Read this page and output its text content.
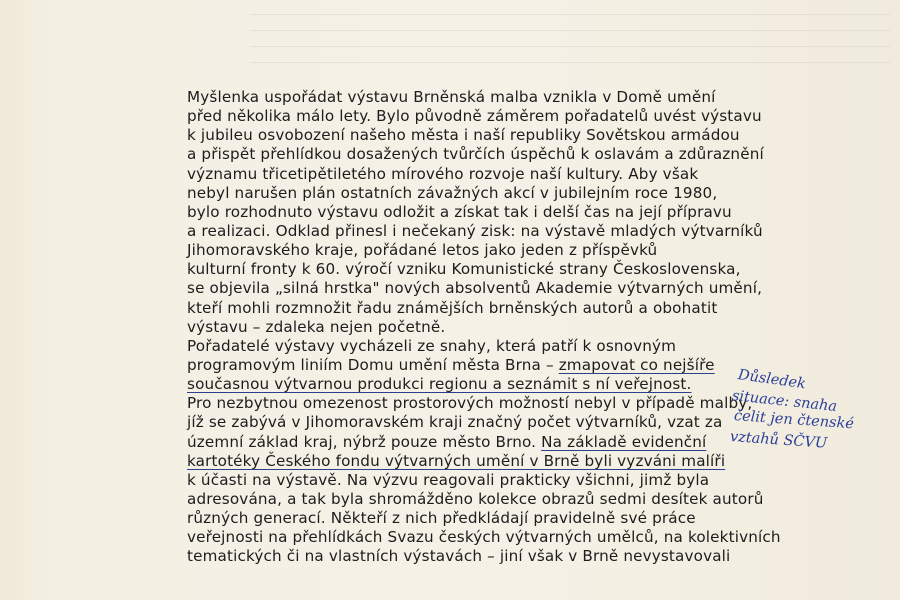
Myšlenka uspořádat výstavu Brněnská malba vznikla v Domě umění
před několika málo lety. Bylo původně záměrem pořadatelů uvést výstavu
k jubileu osvobození našeho města i naší republiky Sovětskou armádou
a přispět přehlídkou dosažených tvůrčích úspěchů k oslavám a zdůraznění
významu třicetipětiletého mírového rozvoje naší kultury. Aby však
nebyl narušen plán ostatních závažných akcí v jubilejním roce 1980,
bylo rozhodnuto výstavu odložit a získat tak i delší čas na její přípravu
a realizaci. Odklad přinesl i nečekaný zisk: na výstavě mladých výtvarníků
Jihomoravského kraje, pořádané letos jako jeden z příspěvků
kulturní fronty k 60. výročí vzniku Komunistické strany Československa,
se objevila „silná hrstka" nových absolventů Akademie výtvarných umění,
kteří mohli rozmnožit řadu známějších brněnských autorů a obohatit
výstavu – zdaleka nejen početně.
Pořadatelé výstavy vycházeli ze snahy, která patří k osnovným
programovým liniím Domu umění města Brna – zmapovat co nejšíře
současnou výtvarnou produkci regionu a seznámit s ní veřejnost.
Pro nezbytnou omezenost prostorových možností nebyl v případě malby,
jíž se zabývá v Jihomoravském kraji značný počet výtvarníků, vzat za
územní základ kraj, nýbrž pouze město Brno. Na základě evidenční
kartotéky Českého fondu výtvarných umění v Brně byli vyzváni malíři
k účasti na výstavě. Na výzvu reagovali prakticky všichni, jimž byla
adresována, a tak byla shromážděno kolekce obrazů sedmi desítek autorů
různých generací. Někteří z nich předkládají pravidelně své práce
veřejnosti na přehlídkách Svazu českých výtvarných umělců, na kolektivních
tematických či na vlastních výstavách – jiní však v Brně nevystavovali
Důsledek
situace: snaha
čelit jen čtenské
vztahů SČVU
